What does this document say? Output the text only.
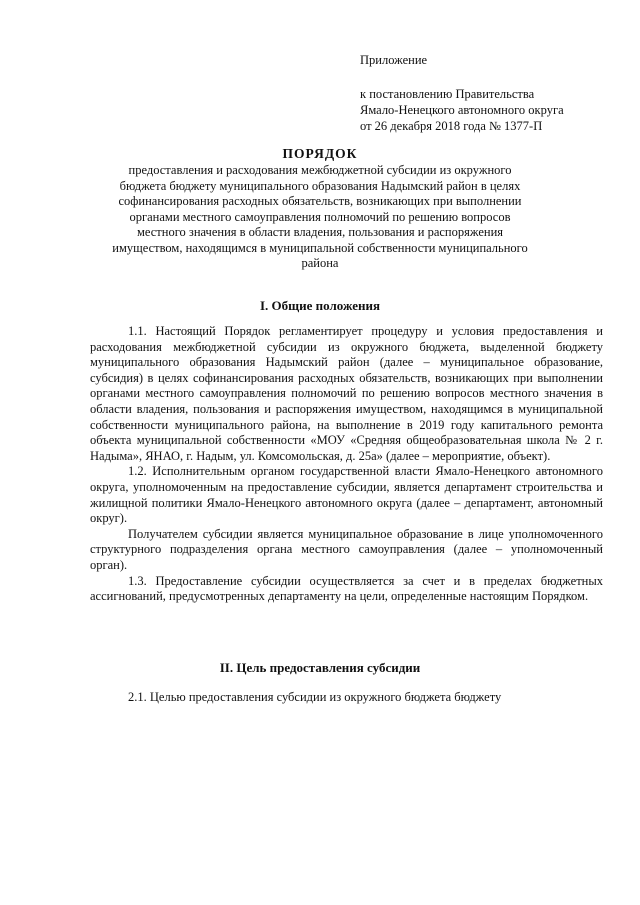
Приложение
к постановлению Правительства
Ямало-Ненецкого автономного округа
от 26 декабря 2018 года № 1377-П
ПОРЯДОК
предоставления и расходования межбюджетной субсидии из окружного бюджета бюджету муниципального образования Надымский район в целях софинансирования расходных обязательств, возникающих при выполнении органами местного самоуправления полномочий по решению вопросов местного значения в области владения, пользования и распоряжения имуществом, находящимся в муниципальной собственности муниципального района
I. Общие положения

1.1. Настоящий Порядок регламентирует процедуру и условия предоставления и расходования межбюджетной субсидии из окружного бюджета, выделенной бюджету муниципального образования Надымский район (далее – муниципальное образование, субсидия) в целях софинансирования расходных обязательств, возникающих при выполнении органами местного самоуправления полномочий по решению вопросов местного значения в области владения, пользования и распоряжения имуществом, находящимся в муниципальной собственности муниципального района, на выполнение в 2019 году капитального ремонта объекта муниципальной собственности «МОУ «Средняя общеобразовательная школа № 2 г. Надыма», ЯНАО, г. Надым, ул. Комсомольская, д. 25а» (далее – мероприятие, объект).

1.2. Исполнительным органом государственной власти Ямало-Ненецкого автономного округа, уполномоченным на предоставление субсидии, является департамент строительства и жилищной политики Ямало-Ненецкого автономного округа (далее – департамент, автономный округ).

Получателем субсидии является муниципальное образование в лице уполномоченного структурного подразделения органа местного самоуправления (далее – уполномоченный орган).

1.3. Предоставление субсидии осуществляется за счет и в пределах бюджетных ассигнований, предусмотренных департаменту на цели, определенные настоящим Порядком.

II. Цель предоставления субсидии

2.1. Целью предоставления субсидии из окружного бюджета бюджету
